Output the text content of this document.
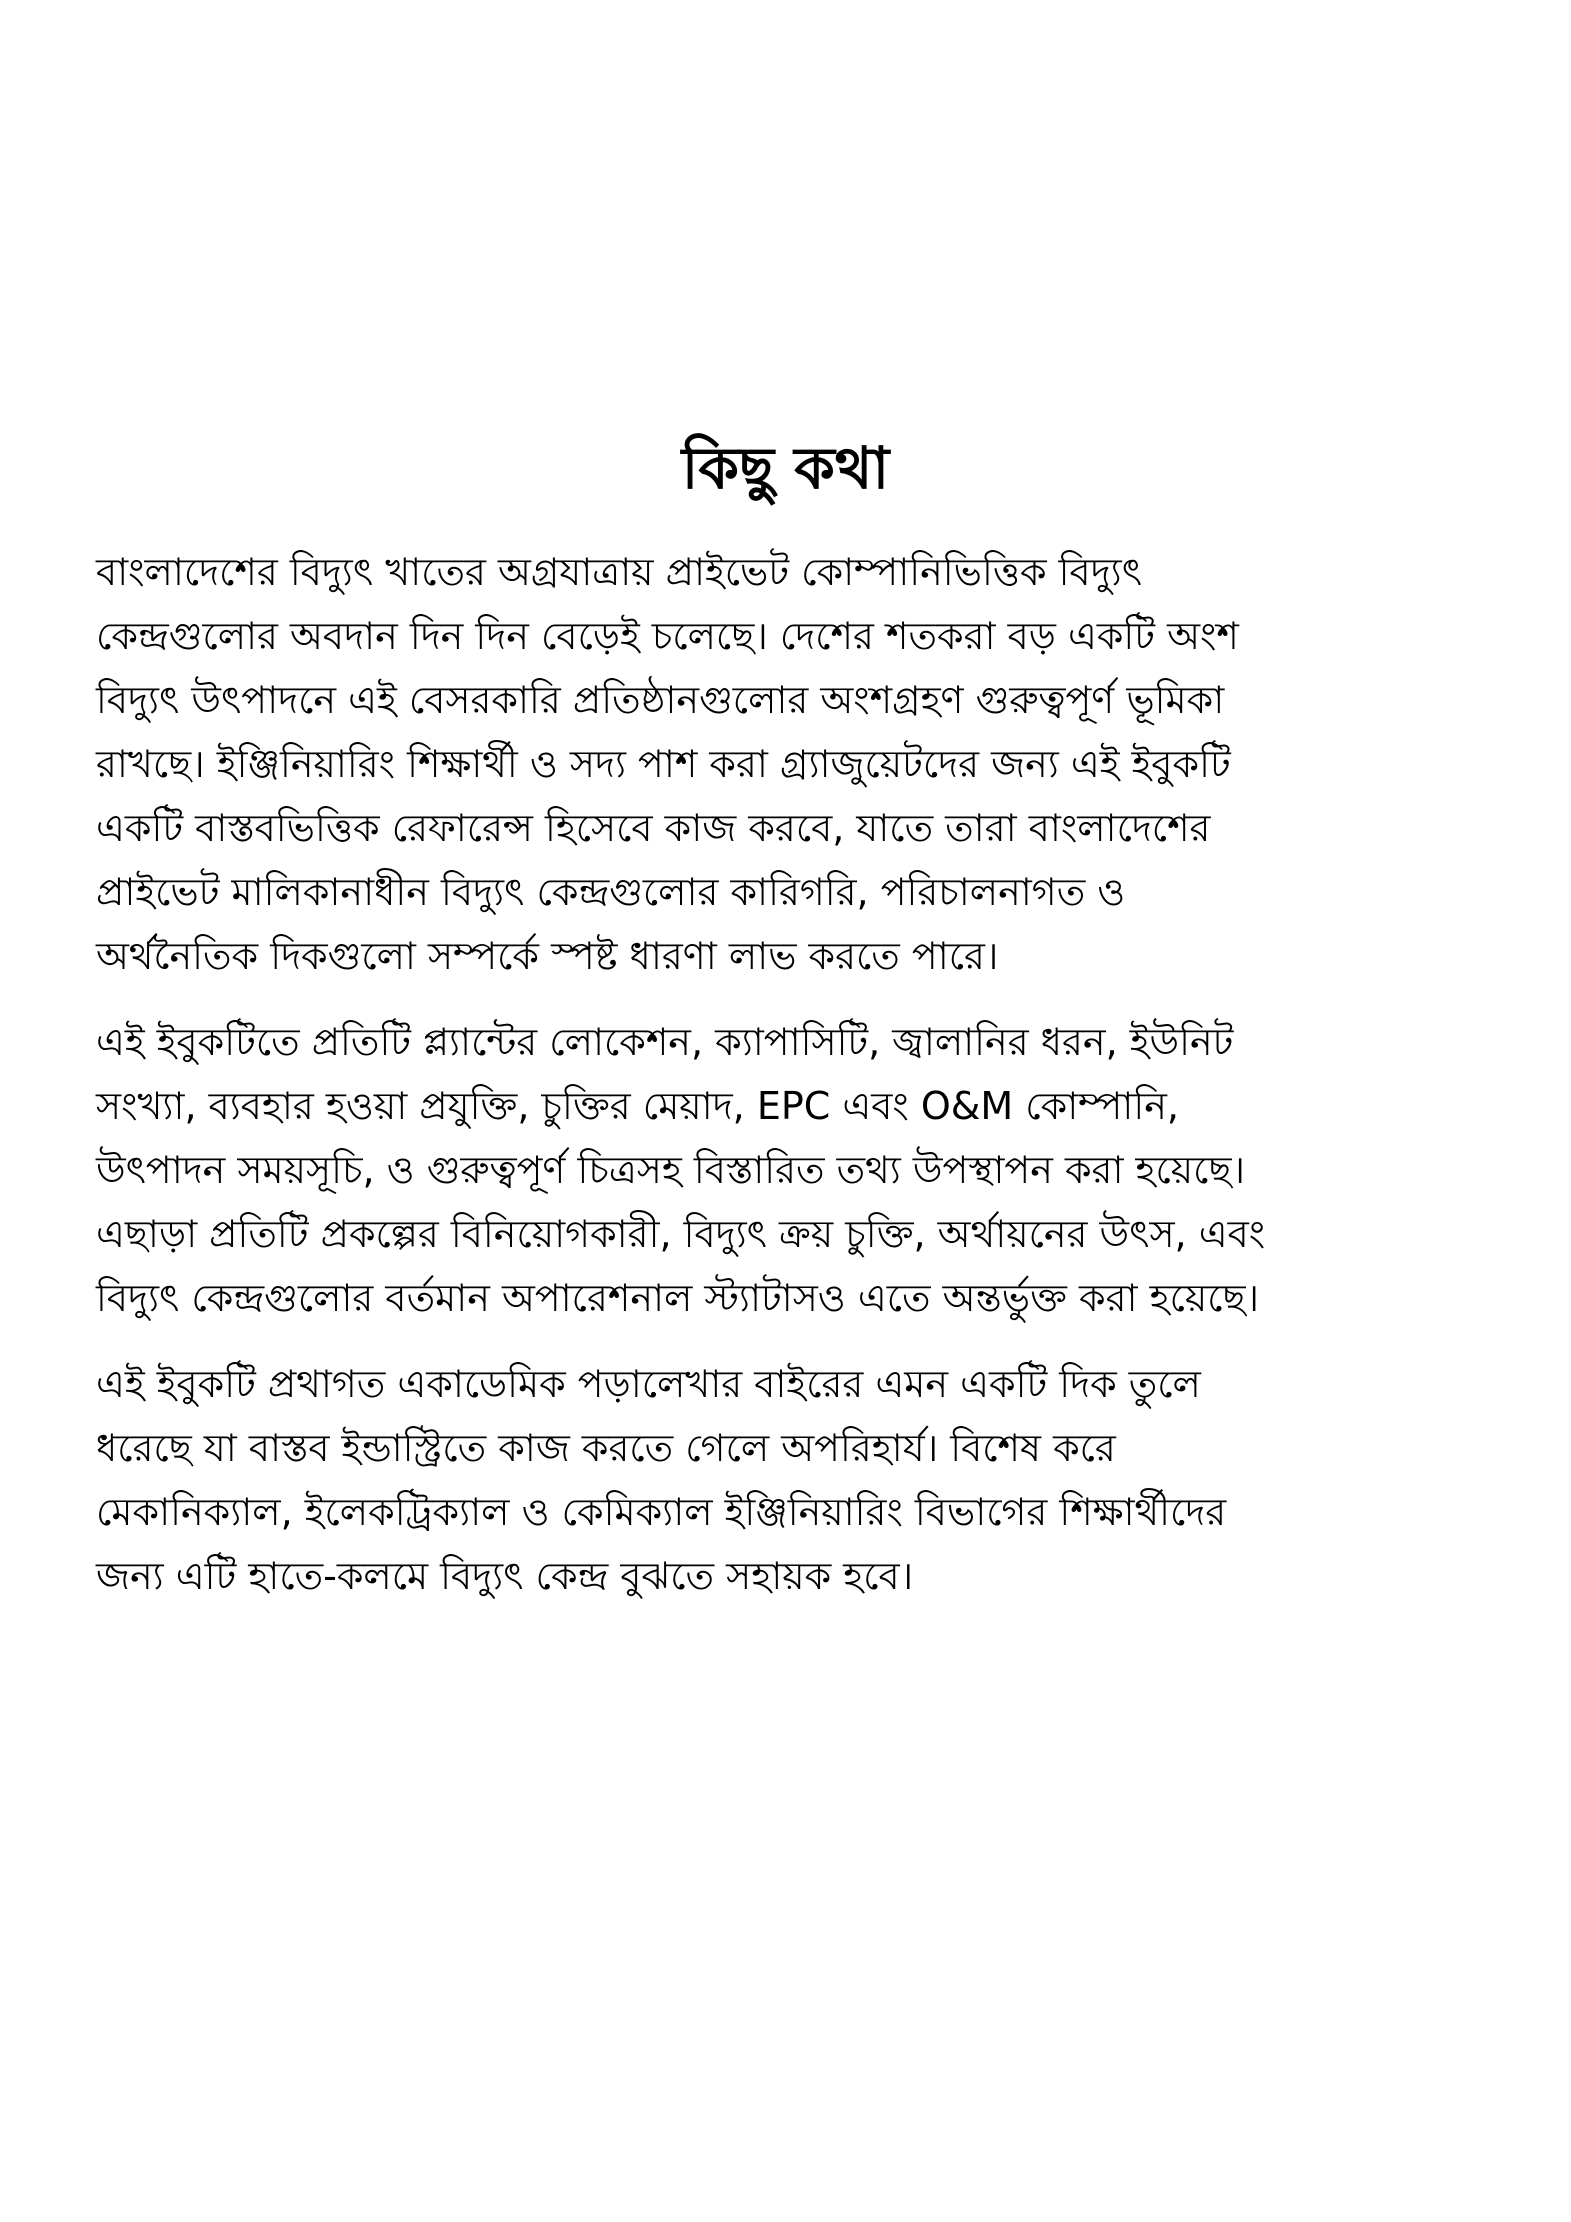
কিছু কথা

বাংলাদেশের বিদ্যুৎ খাতের অগ্রযাত্রায় প্রাইভেট কোম্পানিভিত্তিক বিদ্যুৎ
কেন্দ্রগুলোর অবদান দিন দিন বেড়েই চলেছে। দেশের শতকরা বড় একটি অংশ
বিদ্যুৎ উৎপাদনে এই বেসরকারি প্রতিষ্ঠানগুলোর অংশগ্রহণ গুরুত্বপূর্ণ ভূমিকা
রাখছে। ইঞ্জিনিয়ারিং শিক্ষার্থী ও সদ্য পাশ করা গ্র্যাজুয়েটদের জন্য এই ইবুকটি
একটি বাস্তবভিত্তিক রেফারেন্স হিসেবে কাজ করবে, যাতে তারা বাংলাদেশের
প্রাইভেট মালিকানাধীন বিদ্যুৎ কেন্দ্রগুলোর কারিগরি, পরিচালনাগত ও
অর্থনৈতিক দিকগুলো সম্পর্কে স্পষ্ট ধারণা লাভ করতে পারে।

এই ইবুকটিতে প্রতিটি প্ল্যান্টের লোকেশন, ক্যাপাসিটি, জ্বালানির ধরন, ইউনিট
সংখ্যা, ব্যবহার হওয়া প্রযুক্তি, চুক্তির মেয়াদ, EPC এবং O&M কোম্পানি,
উৎপাদন সময়সূচি, ও গুরুত্বপূর্ণ চিত্রসহ বিস্তারিত তথ্য উপস্থাপন করা হয়েছে।
এছাড়া প্রতিটি প্রকল্পের বিনিয়োগকারী, বিদ্যুৎ ক্রয় চুক্তি, অর্থায়নের উৎস, এবং
বিদ্যুৎ কেন্দ্রগুলোর বর্তমান অপারেশনাল স্ট্যাটাসও এতে অন্তর্ভুক্ত করা হয়েছে।

এই ইবুকটি প্রথাগত একাডেমিক পড়ালেখার বাইরের এমন একটি দিক তুলে
ধরেছে যা বাস্তব ইন্ডাস্ট্রিতে কাজ করতে গেলে অপরিহার্য। বিশেষ করে
মেকানিক্যাল, ইলেকট্রিক্যাল ও কেমিক্যাল ইঞ্জিনিয়ারিং বিভাগের শিক্ষার্থীদের
জন্য এটি হাতে-কলমে বিদ্যুৎ কেন্দ্র বুঝতে সহায়ক হবে।
